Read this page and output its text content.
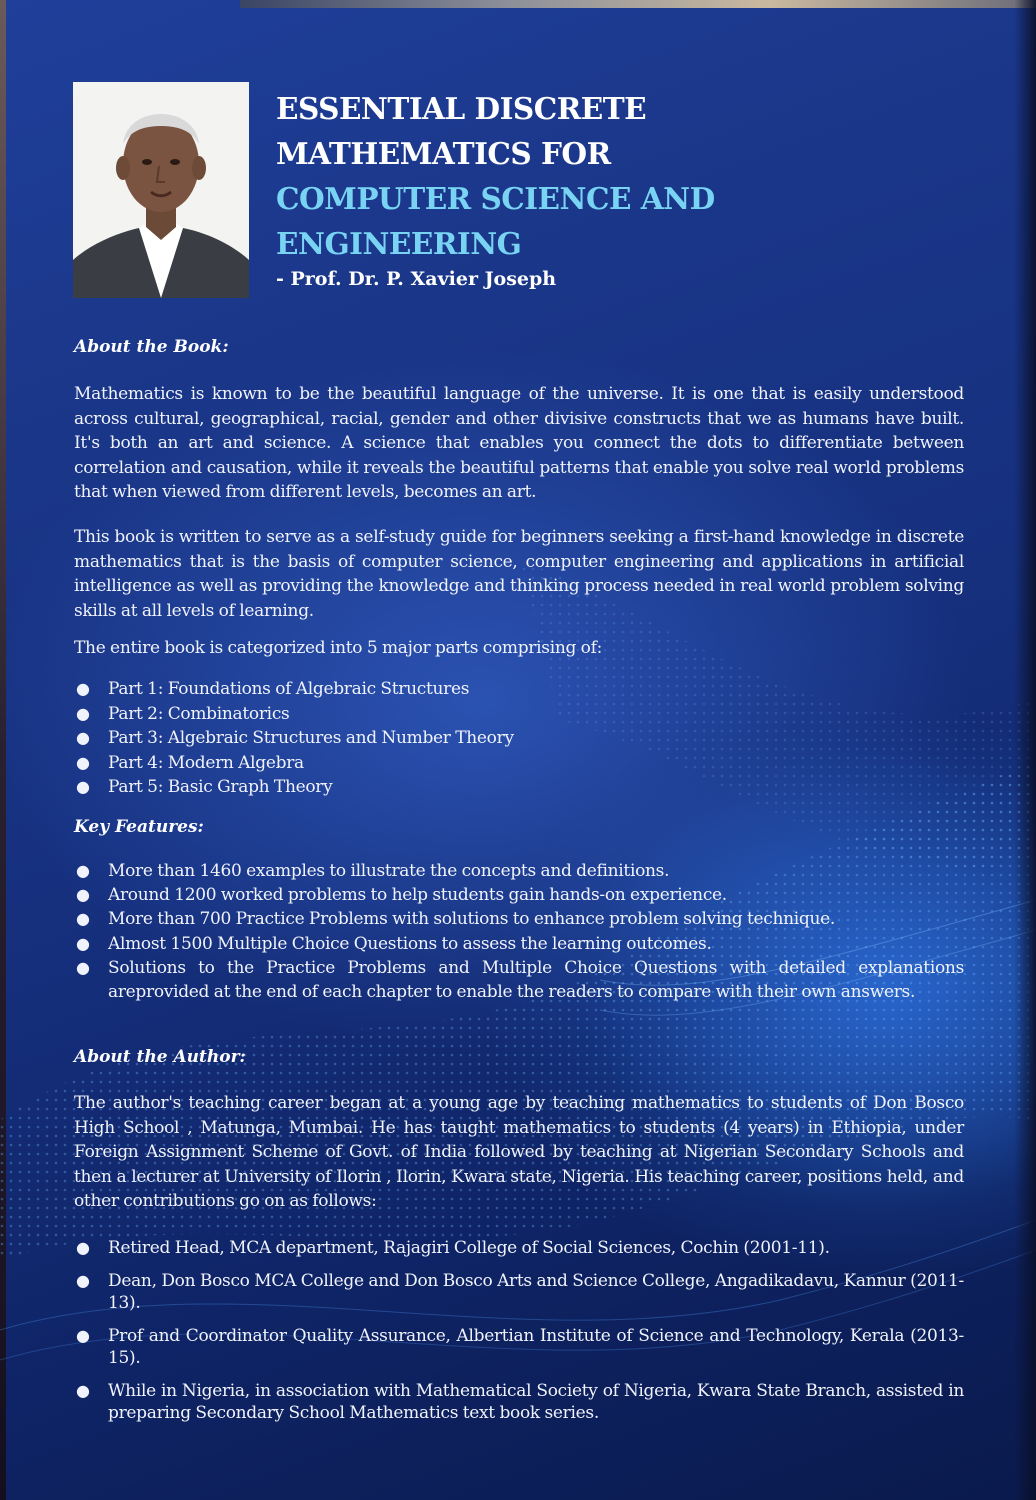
ESSENTIAL DISCRETE
MATHEMATICS FOR
COMPUTER SCIENCE AND
ENGINEERING
- Prof. Dr. P. Xavier Joseph
About the Book:
Mathematics is known to be the beautiful language of the universe. It is one that is easily understood across cultural, geographical, racial, gender and other divisive constructs that we as humans have built. It's both an art and science. A science that enables you connect the dots to differentiate between correlation and causation, while it reveals the beautiful patterns that enable you solve real world problems that when viewed from different levels, becomes an art.
This book is written to serve as a self-study guide for beginners seeking a first-hand knowledge in discrete mathematics that is the basis of computer science, computer engineering and applications in artificial intelligence as well as providing the knowledge and thinking process needed in real world problem solving skills at all levels of learning.
The entire book is categorized into 5 major parts comprising of:
● Part 1: Foundations of Algebraic Structures
● Part 2: Combinatorics
● Part 3: Algebraic Structures and Number Theory
● Part 4: Modern Algebra
● Part 5: Basic Graph Theory
Key Features:
● More than 1460 examples to illustrate the concepts and definitions.
● Around 1200 worked problems to help students gain hands-on experience.
● More than 700 Practice Problems with solutions to enhance problem solving technique.
● Almost 1500 Multiple Choice Questions to assess the learning outcomes.
● Solutions to the Practice Problems and Multiple Choice Questions with detailed explanations areprovided at the end of each chapter to enable the readers to compare with their own answers.
About the Author:
The author's teaching career began at a young age by teaching mathematics to students of Don Bosco High School , Matunga, Mumbai. He has taught mathematics to students (4 years) in Ethiopia, under Foreign Assignment Scheme of Govt. of India followed by teaching at Nigerian Secondary Schools and then a lecturer at University of Ilorin , Ilorin, Kwara state, Nigeria. His teaching career, positions held, and other contributions go on as follows:
● Retired Head, MCA department, Rajagiri College of Social Sciences, Cochin (2001-11).
● Dean, Don Bosco MCA College and Don Bosco Arts and Science College, Angadikadavu, Kannur (2011-13).
● Prof and Coordinator Quality Assurance, Albertian Institute of Science and Technology, Kerala (2013-15).
● While in Nigeria, in association with Mathematical Society of Nigeria, Kwara State Branch, assisted in preparing Secondary School Mathematics text book series.
